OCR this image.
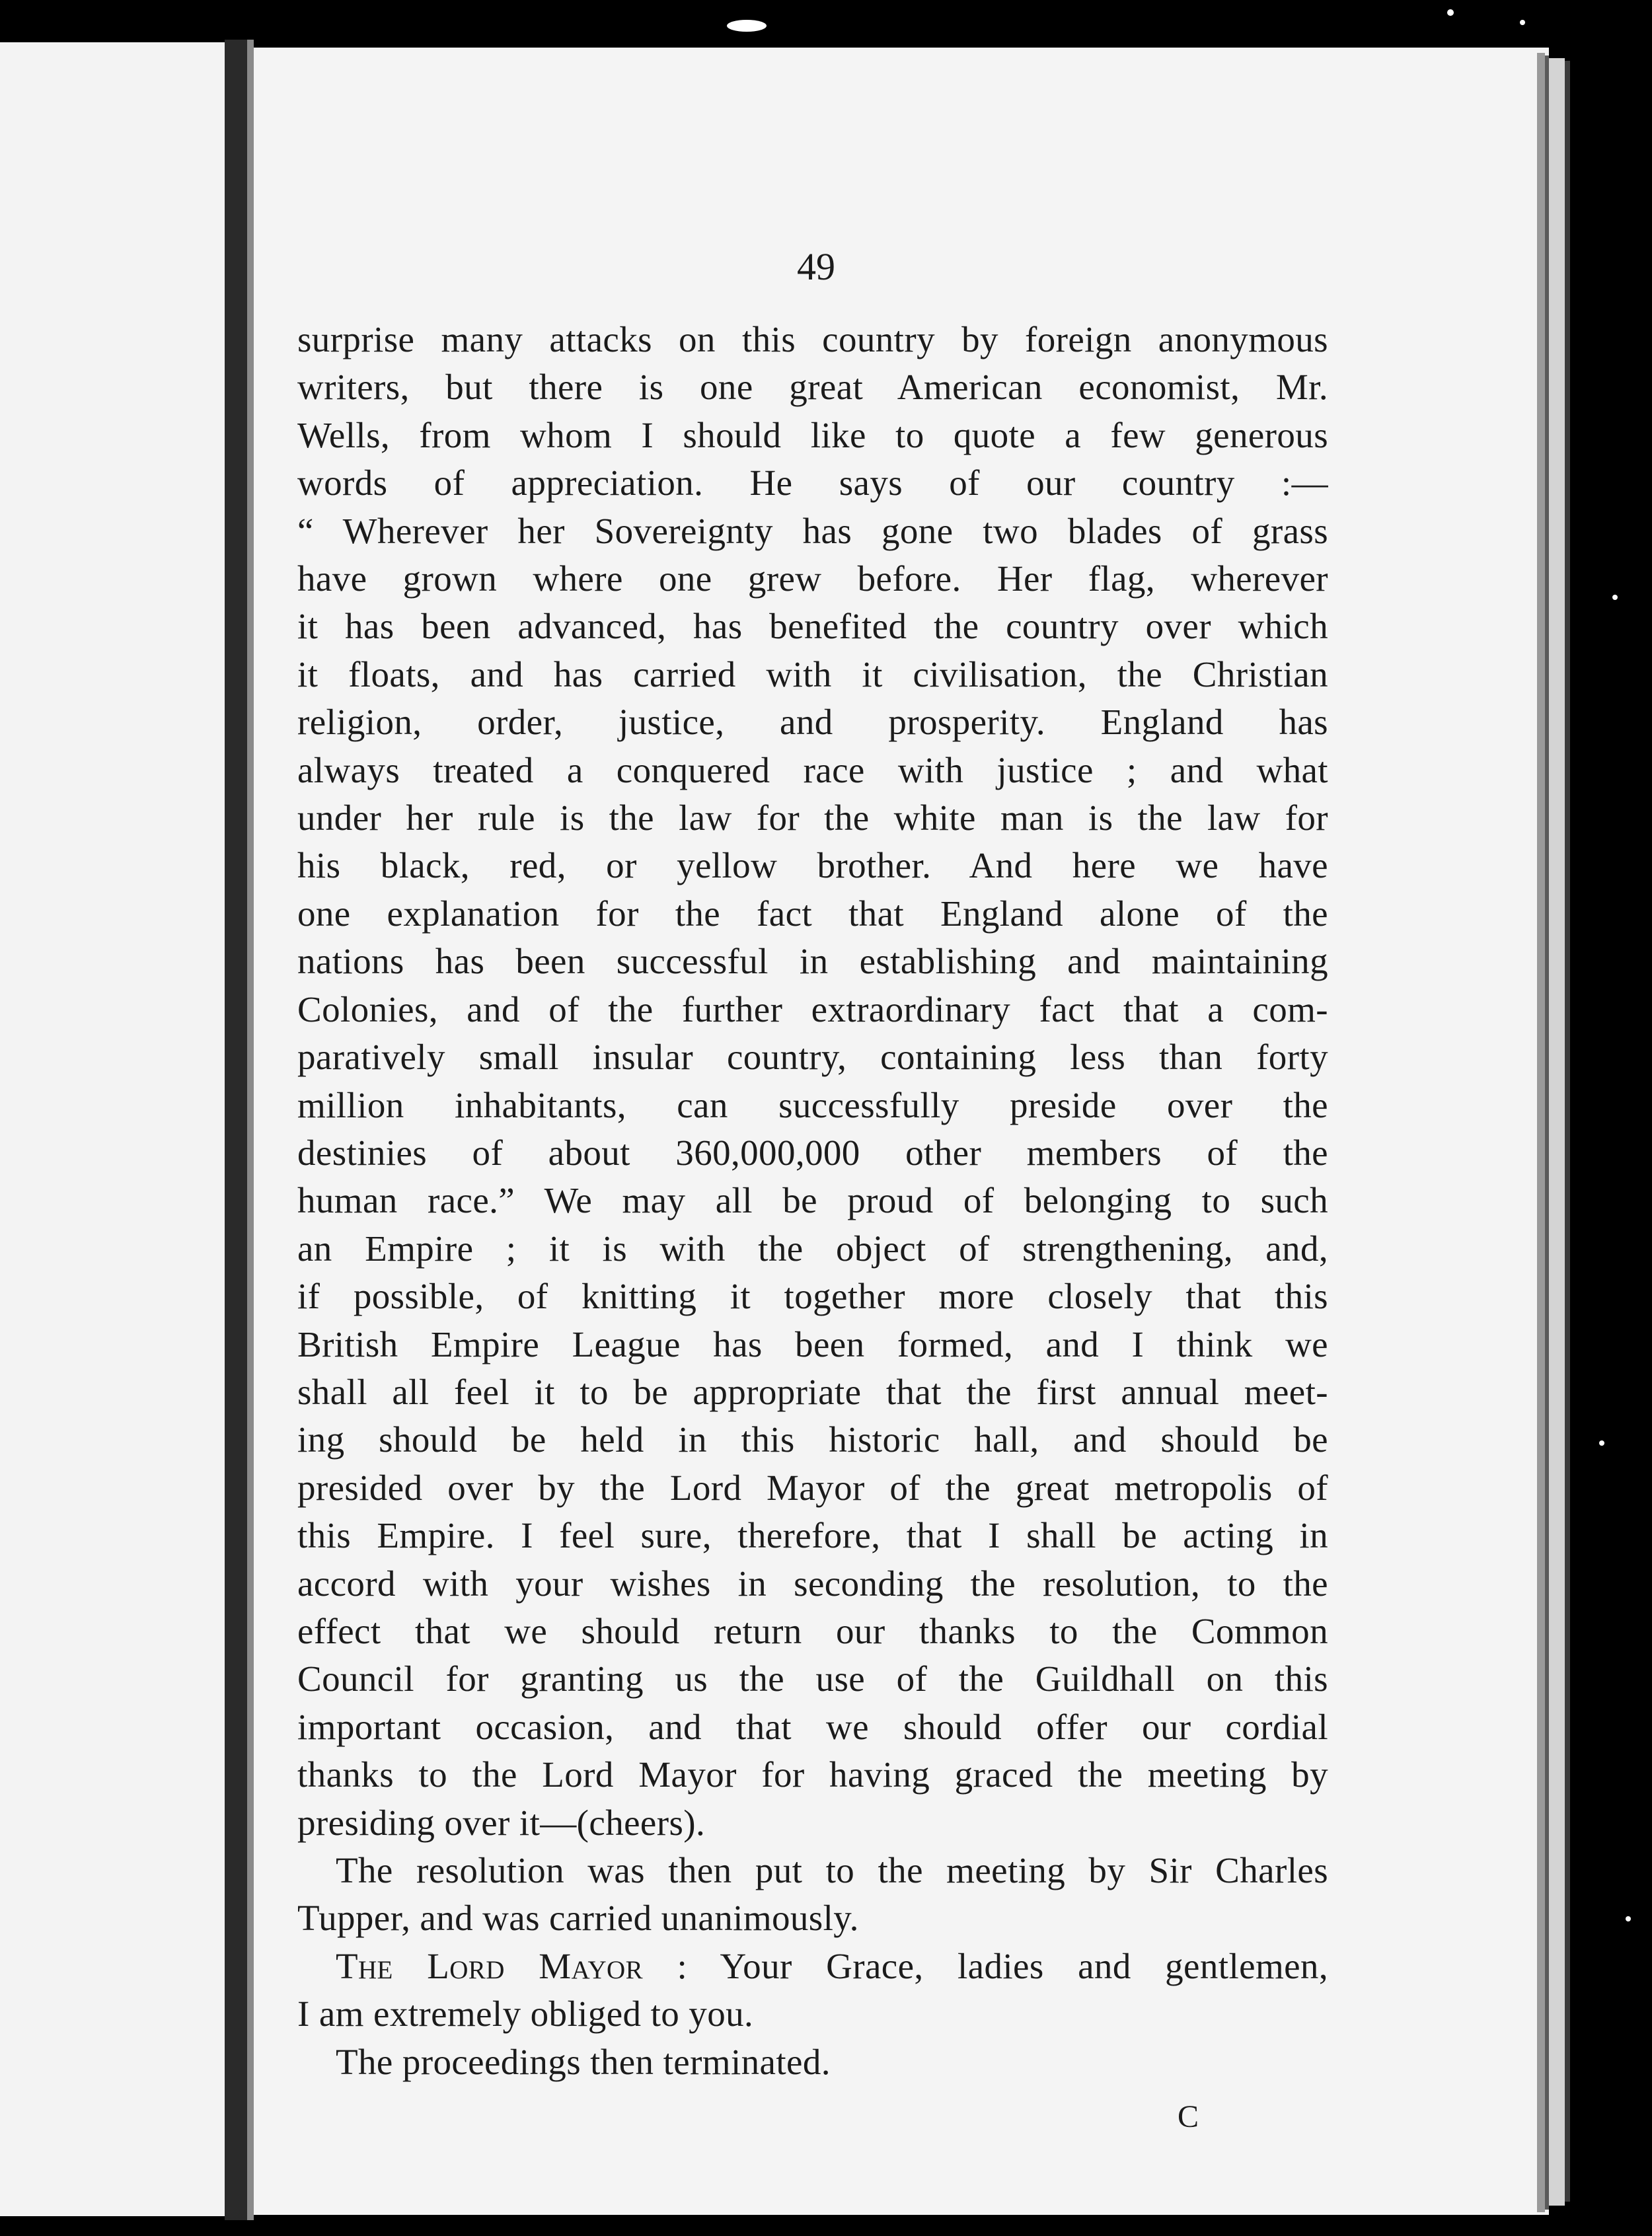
49
surprise many attacks on this country by foreign anonymous
writers, but there is one great American economist, Mr.
Wells, from whom I should like to quote a few generous
words of appreciation. He says of our country :—
“ Wherever her Sovereignty has gone two blades of grass
have grown where one grew before. Her flag, wherever
it has been advanced, has benefited the country over which
it floats, and has carried with it civilisation, the Christian
religion, order, justice, and prosperity. England has
always treated a conquered race with justice ; and what
under her rule is the law for the white man is the law for
his black, red, or yellow brother. And here we have
one explanation for the fact that England alone of the
nations has been successful in establishing and maintaining
Colonies, and of the further extraordinary fact that a com-
paratively small insular country, containing less than forty
million inhabitants, can successfully preside over the
destinies of about 360,000,000 other members of the
human race.” We may all be proud of belonging to such
an Empire ; it is with the object of strengthening, and,
if possible, of knitting it together more closely that this
British Empire League has been formed, and I think we
shall all feel it to be appropriate that the first annual meet-
ing should be held in this historic hall, and should be
presided over by the Lord Mayor of the great metropolis of
this Empire. I feel sure, therefore, that I shall be acting in
accord with your wishes in seconding the resolution, to the
effect that we should return our thanks to the Common
Council for granting us the use of the Guildhall on this
important occasion, and that we should offer our cordial
thanks to the Lord Mayor for having graced the meeting by
presiding over it—(cheers).
The resolution was then put to the meeting by Sir Charles
Tupper, and was carried unanimously.
The Lord Mayor : Your Grace, ladies and gentlemen,
I am extremely obliged to you.
The proceedings then terminated.
C
